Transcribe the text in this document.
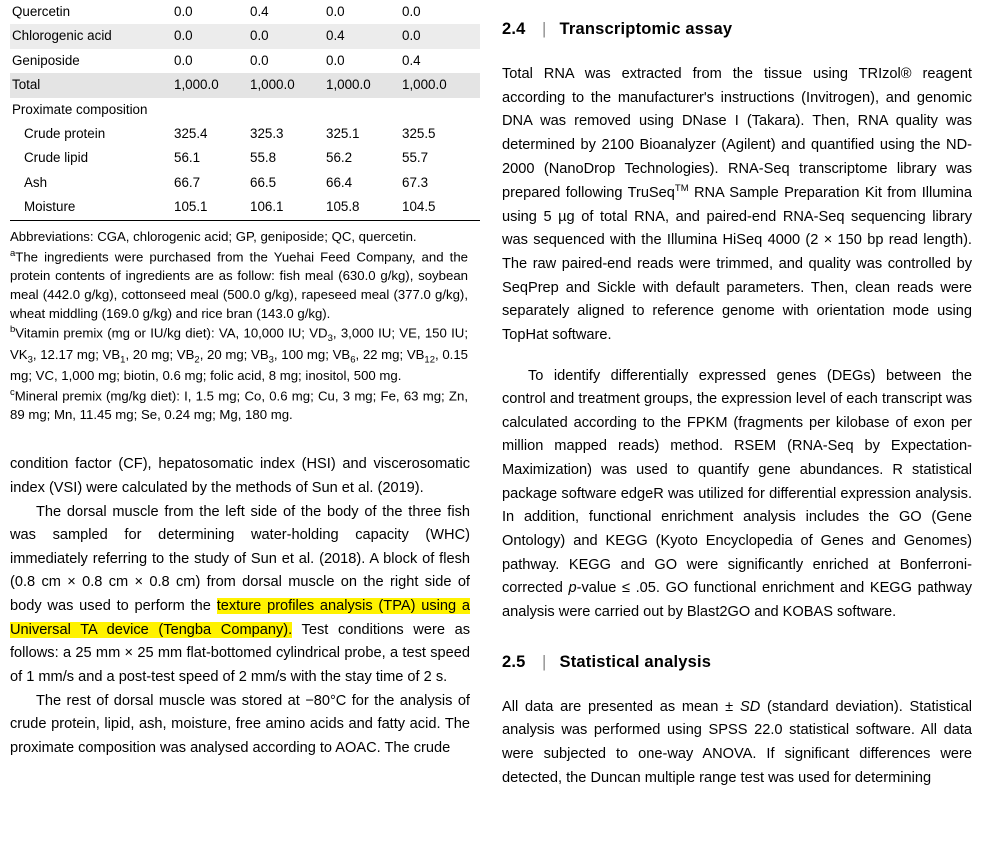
Quercetin	0.0	0.4	0.0	0.0
Chlorogenic acid	0.0	0.0	0.4	0.0
Geniposide	0.0	0.0	0.0	0.4
Total	1,000.0	1,000.0	1,000.0	1,000.0
Proximate composition				
Crude protein	325.4	325.3	325.1	325.5
Crude lipid	56.1	55.8	56.2	55.7
Ash	66.7	66.5	66.4	67.3
Moisture	105.1	106.1	105.8	104.5

Abbreviations: CGA, chlorogenic acid; GP, geniposide; QC, quercetin.

$^a$The ingredients were purchased from the Yuehai Feed Company, and the protein contents of ingredients are as follow: fish meal (630.0 g/kg), soybean meal (442.0 g/kg), cottonseed meal (500.0 g/kg), rapeseed meal (377.0 g/kg), wheat middling (169.0 g/kg) and rice bran (143.0 g/kg).

$^b$Vitamin premix (mg or IU/kg diet): VA, 10,000 IU; $VD_3$, 3,000 IU; VE, 150 IU; $VK_3$, 12.17 mg; $VB_1$, 20 mg; $VB_2$, 20 mg; $VB_3$, 100 mg; $VB_6$, 22 mg; $VB_{12}$, 0.15 mg; VC, 1,000 mg; biotin, 0.6 mg; folic acid, 8 mg; inositol, 500 mg.

$^c$Mineral premix (mg/kg diet): I, 1.5 mg; Co, 0.6 mg; Cu, 3 mg; Fe, 63 mg; Zn, 89 mg; Mn, 11.45 mg; Se, 0.24 mg; Mg, 180 mg.

condition factor (CF), hepatosomatic index (HSI) and viscerosomatic index (VSI) were calculated by the methods of Sun et al. (2019).

The dorsal muscle from the left side of the body of the three fish was sampled for determining water-holding capacity (WHC) immediately referring to the study of Sun et al. (2018). A block of flesh (0.8 cm × 0.8 cm × 0.8 cm) from dorsal muscle on the right side of body was used to perform the texture profiles analysis (TPA) using a Universal TA device (Tengba Company). Test conditions were as follows: a 25 mm × 25 mm flat-bottomed cylindrical probe, a test speed of 1 mm/s and a post-test speed of 2 mm/s with the stay time of 2 s.

The rest of dorsal muscle was stored at −80°C for the analysis of crude protein, lipid, ash, moisture, free amino acids and fatty acid. The proximate composition was analysed according to AOAC. The crude

2.4 | Transcriptomic assay

Total RNA was extracted from the tissue using TRIzol® reagent according to the manufacturer's instructions (Invitrogen), and genomic DNA was removed using DNase I (Takara). Then, RNA quality was determined by 2100 Bioanalyzer (Agilent) and quantified using the ND-2000 (NanoDrop Technologies). RNA-Seq transcriptome library was prepared following TruSeq™ RNA Sample Preparation Kit from Illumina using 5 µg of total RNA, and paired-end RNA-Seq sequencing library was sequenced with the Illumina HiSeq 4000 (2 × 150 bp read length). The raw paired-end reads were trimmed, and quality was controlled by SeqPrep and Sickle with default parameters. Then, clean reads were separately aligned to reference genome with orientation mode using TopHat software.

To identify differentially expressed genes (DEGs) between the control and treatment groups, the expression level of each transcript was calculated according to the FPKM (fragments per kilobase of exon per million mapped reads) method. RSEM (RNA-Seq by Expectation-Maximization) was used to quantify gene abundances. R statistical package software edgeR was utilized for differential expression analysis. In addition, functional enrichment analysis includes the GO (Gene Ontology) and KEGG (Kyoto Encyclopedia of Genes and Genomes) pathway. KEGG and GO were significantly enriched at Bonferroni-corrected p-value ≤ .05. GO functional enrichment and KEGG pathway analysis were carried out by Blast2GO and KOBAS software.

2.5 | Statistical analysis

All data are presented as mean ± SD (standard deviation). Statistical analysis was performed using SPSS 22.0 statistical software. All data were subjected to one-way ANOVA. If significant differences were detected, the Duncan multiple range test was used for determining
